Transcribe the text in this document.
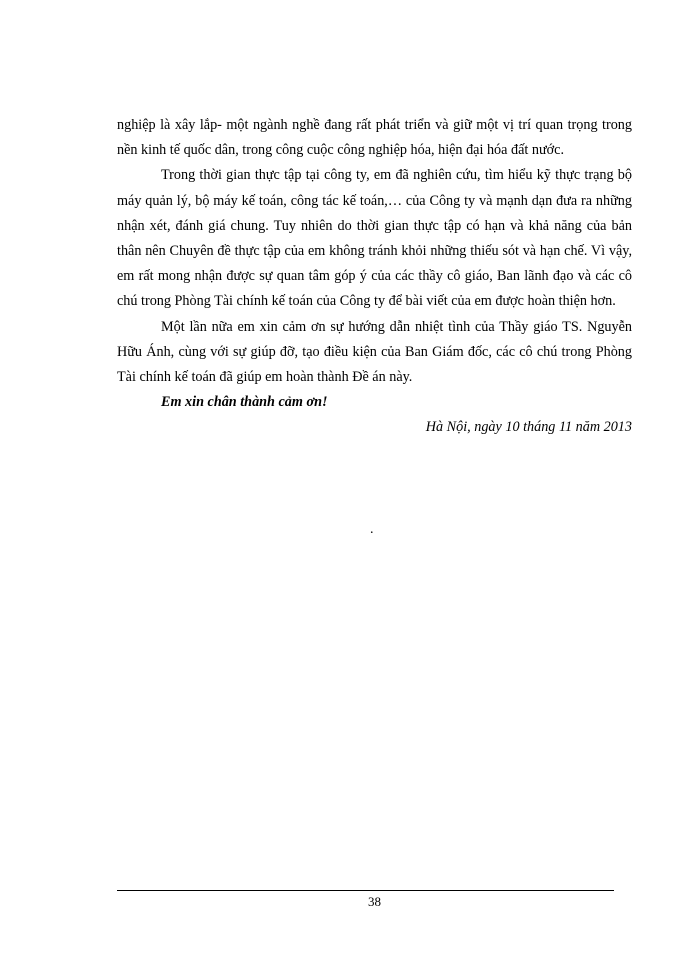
nghiệp là xây lắp- một ngành nghề đang rất phát triển và giữ một vị trí quan trọng trong nền kinh tế quốc dân, trong công cuộc công nghiệp hóa, hiện đại hóa đất nước.

Trong thời gian thực tập tại công ty, em đã nghiên cứu, tìm hiểu kỹ thực trạng bộ máy quản lý, bộ máy kế toán, công tác kế toán,… của Công ty và mạnh dạn đưa ra những nhận xét, đánh giá chung. Tuy nhiên do thời gian thực tập có hạn và khả năng của bản thân nên Chuyên đề thực tập của em không tránh khỏi những thiếu sót và hạn chế. Vì vậy, em rất mong nhận được sự quan tâm góp ý của các thầy cô giáo, Ban lãnh đạo và các cô chú trong Phòng Tài chính kế toán của Công ty để bài viết của em được hoàn thiện hơn.

Một lần nữa em xin cảm ơn sự hướng dẫn nhiệt tình của Thầy giáo TS. Nguyễn Hữu Ánh, cùng với sự giúp đỡ, tạo điều kiện của Ban Giám đốc, các cô chú trong Phòng Tài chính kế toán đã giúp em hoàn thành Đề án này.

Em xin chân thành cảm ơn!

Hà Nội, ngày 10 tháng 11 năm 2013

.
38
